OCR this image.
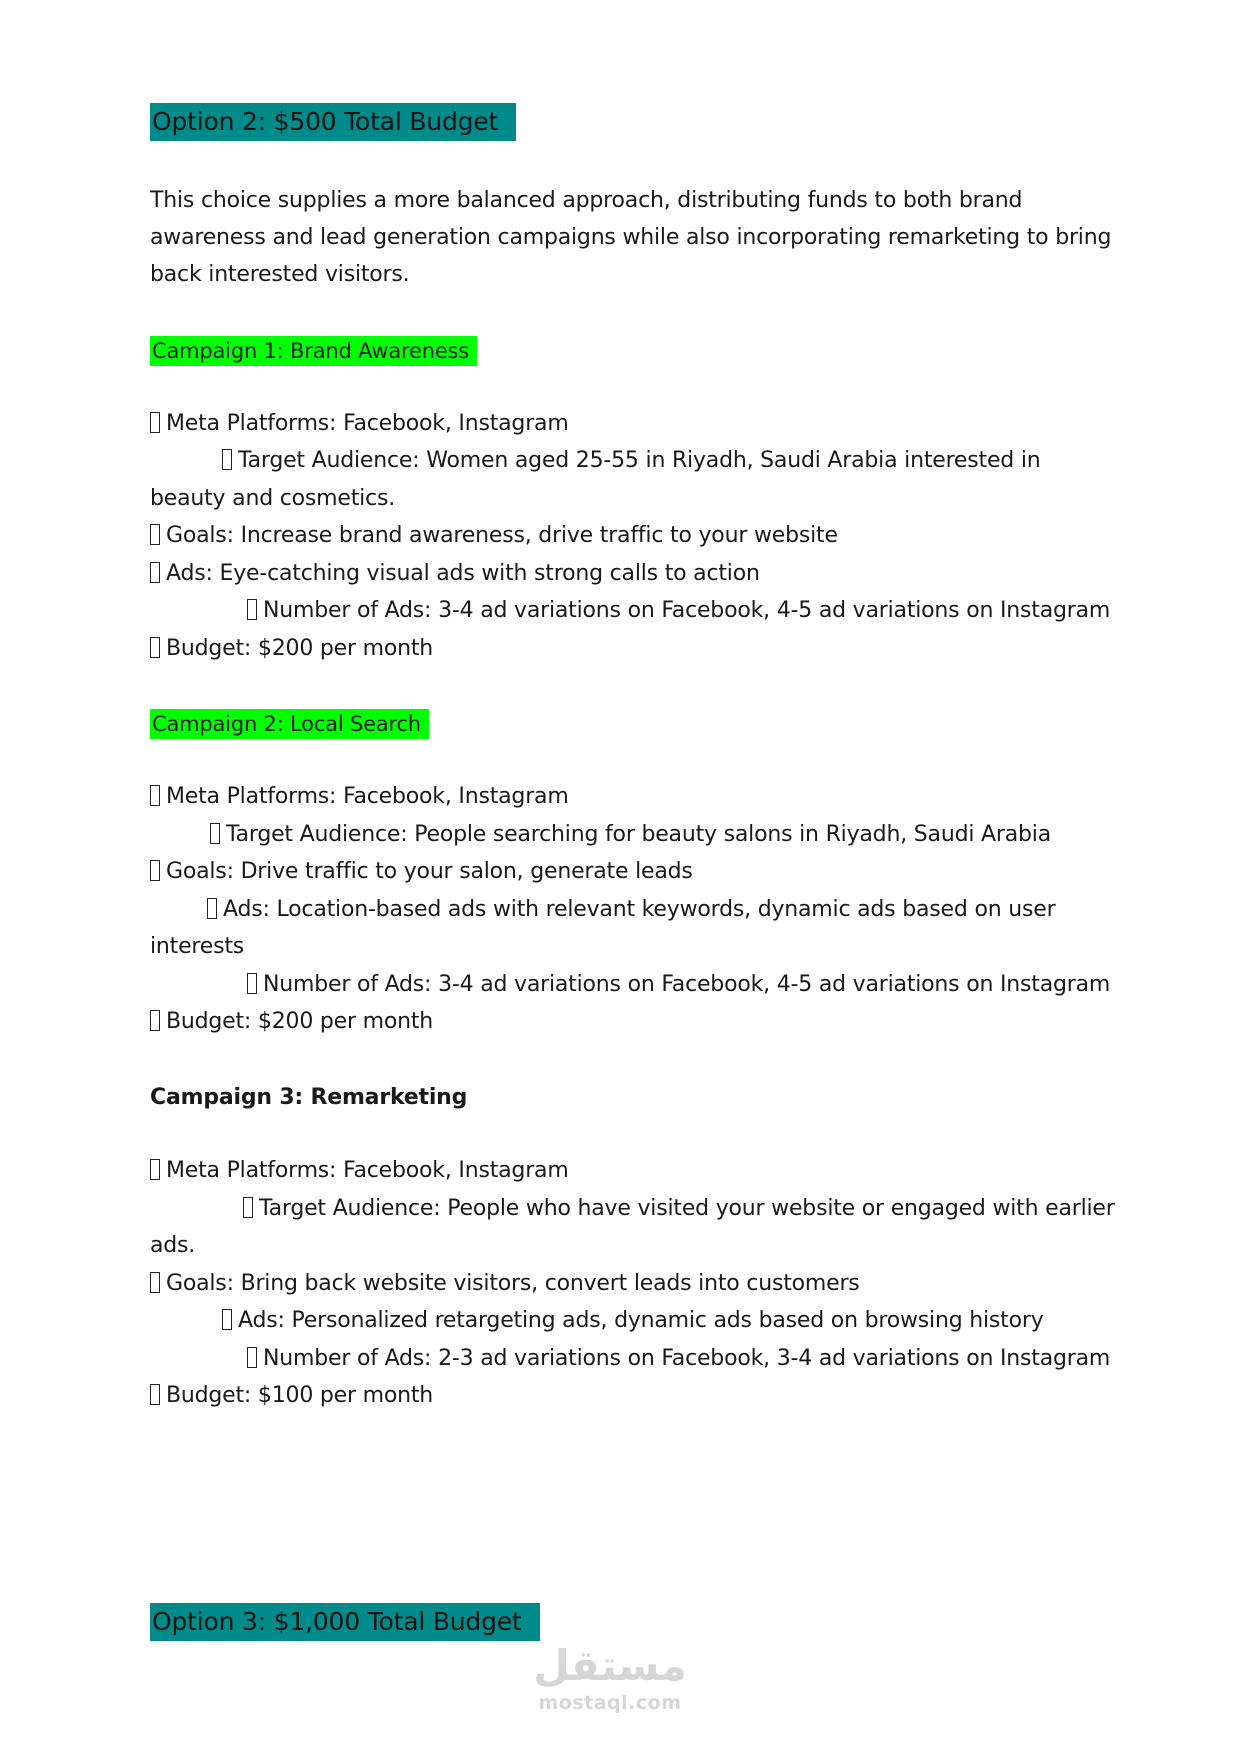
Option 2: $500 Total Budget
This choice supplies a more balanced approach, distributing funds to both brand
awareness and lead generation campaigns while also incorporating remarketing to bring
back interested visitors.
Campaign 1: Brand Awareness
Meta Platforms: Facebook, Instagram
Target Audience: Women aged 25-55 in Riyadh, Saudi Arabia interested in
beauty and cosmetics.
Goals: Increase brand awareness, drive traffic to your website
Ads: Eye-catching visual ads with strong calls to action
Number of Ads: 3-4 ad variations on Facebook, 4-5 ad variations on Instagram
Budget: $200 per month
Campaign 2: Local Search
Meta Platforms: Facebook, Instagram
Target Audience: People searching for beauty salons in Riyadh, Saudi Arabia
Goals: Drive traffic to your salon, generate leads
Ads: Location-based ads with relevant keywords, dynamic ads based on user
interests
Number of Ads: 3-4 ad variations on Facebook, 4-5 ad variations on Instagram
Budget: $200 per month
Campaign 3: Remarketing
Meta Platforms: Facebook, Instagram
Target Audience: People who have visited your website or engaged with earlier
ads.
Goals: Bring back website visitors, convert leads into customers
Ads: Personalized retargeting ads, dynamic ads based on browsing history
Number of Ads: 2-3 ad variations on Facebook, 3-4 ad variations on Instagram
Budget: $100 per month
Option 3: $1,000 Total Budget
مستقل
mostaql.com
